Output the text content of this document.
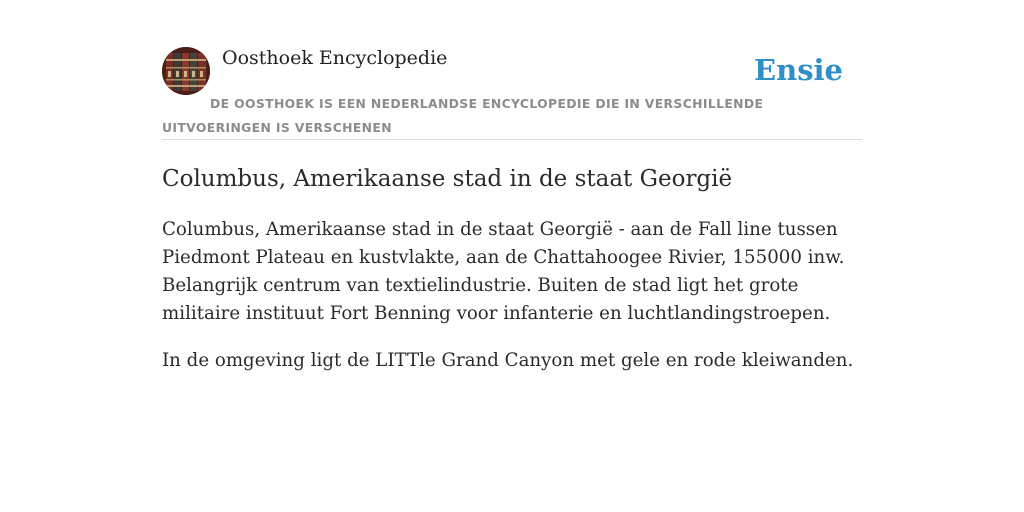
Oosthoek Encyclopedie	Ensie
DE OOSTHOEK IS EEN NEDERLANDSE ENCYCLOPEDIE DIE IN VERSCHILLENDE UITVOERINGEN IS VERSCHENEN
Columbus, Amerikaanse stad in de staat Georgië

Columbus, Amerikaanse stad in de staat Georgië - aan de Fall line tussen Piedmont Plateau en kustvlakte, aan de Chattahoogee Rivier, 155000 inw. Belangrijk centrum van textielindustrie. Buiten de stad ligt het grote militaire instituut Fort Benning voor infanterie en luchtlandingstroepen.

In de omgeving ligt de LITTle Grand Canyon met gele en rode kleiwanden.
